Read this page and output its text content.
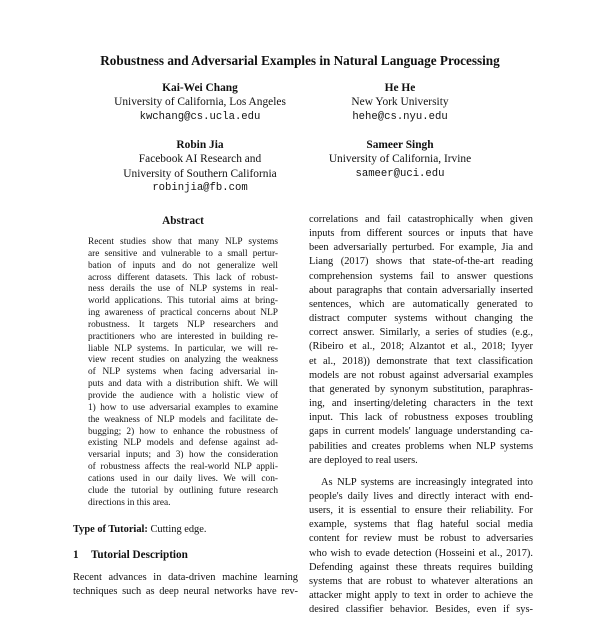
Robustness and Adversarial Examples in Natural Language Processing
Kai-Wei Chang
University of California, Los Angeles
kwchang@cs.ucla.edu
He He
New York University
hehe@cs.nyu.edu
Robin Jia
Facebook AI Research and
University of Southern California
robinjia@fb.com
Sameer Singh
University of California, Irvine
sameer@uci.edu
Abstract
Recent studies show that many NLP systems
are sensitive and vulnerable to a small pertur-
bation of inputs and do not generalize well
across different datasets. This lack of robust-
ness derails the use of NLP systems in real-
world applications. This tutorial aims at bring-
ing awareness of practical concerns about NLP
robustness. It targets NLP researchers and
practitioners who are interested in building re-
liable NLP systems. In particular, we will re-
view recent studies on analyzing the weakness
of NLP systems when facing adversarial in-
puts and data with a distribution shift. We will
provide the audience with a holistic view of
1) how to use adversarial examples to examine
the weakness of NLP models and facilitate de-
bugging; 2) how to enhance the robustness of
existing NLP models and defense against ad-
versarial inputs; and 3) how the consideration
of robustness affects the real-world NLP appli-
cations used in our daily lives. We will con-
clude the tutorial by outlining future research
directions in this area.
Type of Tutorial: Cutting edge.
1 Tutorial Description
Recent advances in data-driven machine learning
techniques such as deep neural networks have rev-
correlations and fail catastrophically when given
inputs from different sources or inputs that have
been adversarially perturbed. For example, Jia and
Liang (2017) shows that state-of-the-art reading
comprehension systems fail to answer questions
about paragraphs that contain adversarially inserted
sentences, which are automatically generated to
distract computer systems without changing the
correct answer. Similarly, a series of studies (e.g.,
(Ribeiro et al., 2018; Alzantot et al., 2018; Iyyer
et al., 2018)) demonstrate that text classification
models are not robust against adversarial examples
that generated by synonym substitution, paraphras-
ing, and inserting/deleting characters in the text
input. This lack of robustness exposes troubling
gaps in current models' language understanding ca-
pabilities and creates problems when NLP systems
are deployed to real users.
As NLP systems are increasingly integrated into
people's daily lives and directly interact with end-
users, it is essential to ensure their reliability. For
example, systems that flag hateful social media
content for review must be robust to adversaries
who wish to evade detection (Hosseini et al., 2017).
Defending against these threats requires building
systems that are robust to whatever alterations an
attacker might apply to text in order to achieve the
desired classifier behavior. Besides, even if sys-
